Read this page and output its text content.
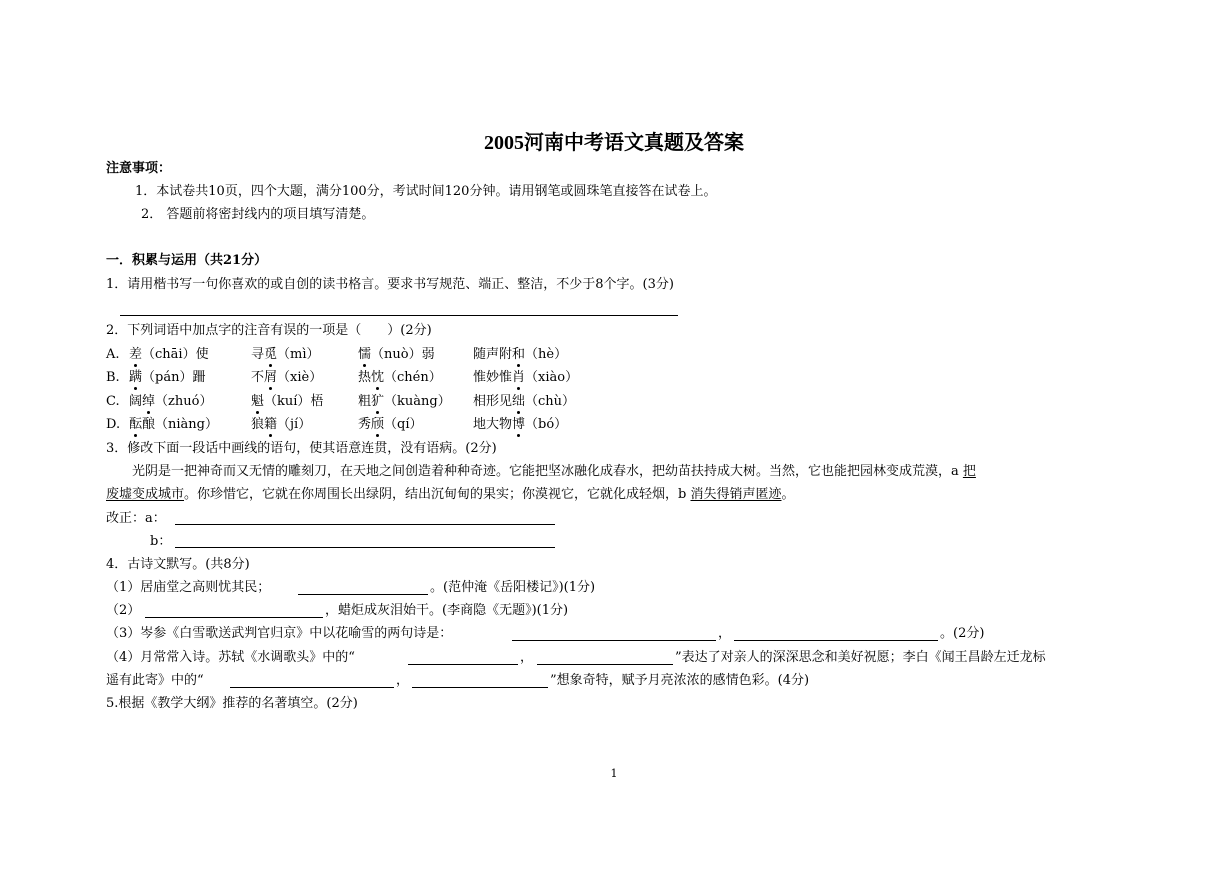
2005河南中考语文真题及答案
注意事项：
1．本试卷共10页，四个大题，满分100分，考试时间120分钟。请用钢笔或圆珠笔直接答在试卷上。
2． 答题前将密封线内的项目填写清楚。
一．积累与运用（共21分）
1．请用楷书写一句你喜欢的或自创的读书格言。要求书写规范、端正、整洁，不少于8个字。(3分)
2．下列词语中加点字的注音有误的一项是（　　）(2分)
A. 差（chāi）使	寻觅（mì）	懦（nuò）弱	随声附和（hè）
B. 蹒（pán）跚	不屑（xiè）	热忱（chén） 惟妙惟肖（xiào）
C. 阔绰（zhuó）	魁（kuí）梧	粗犷（kuàng） 相形见绌（chù）
D. 酝酿（niàng）	狼籍（jí）	秀颀（qí）	地大物博（bó）
3．修改下面一段话中画线的语句，使其语意连贯，没有语病。(2分)
　　光阴是一把神奇而又无情的雕刻刀，在天地之间创造着种种奇迹。它能把坚冰融化成春水，把幼苗扶持成大树。当然，它也能把园林变成荒漠，a 把
废墟变成城市。你珍惜它，它就在你周围长出绿阴，结出沉甸甸的果实；你漠视它，它就化成轻烟，b 消失得销声匿迹。
改正：a：
b：
4．古诗文默写。(共8分)
（1）居庙堂之高则忧其民；	。(范仲淹《岳阳楼记》)(1分)
（2）	，蜡炬成灰泪始干。(李商隐《无题》)(1分)
（3）岑参《白雪歌送武判官归京》中以花喻雪的两句诗是：	，	。(2分)
（4）月常常入诗。苏轼《水调歌头》中的“	，	”表达了对亲人的深深思念和美好祝愿；李白《闻王昌龄左迁龙标
遥有此寄》中的“	，	”想象奇特，赋予月亮浓浓的感情色彩。(4分)
5.根据《教学大纲》推荐的名著填空。(2分)
1
